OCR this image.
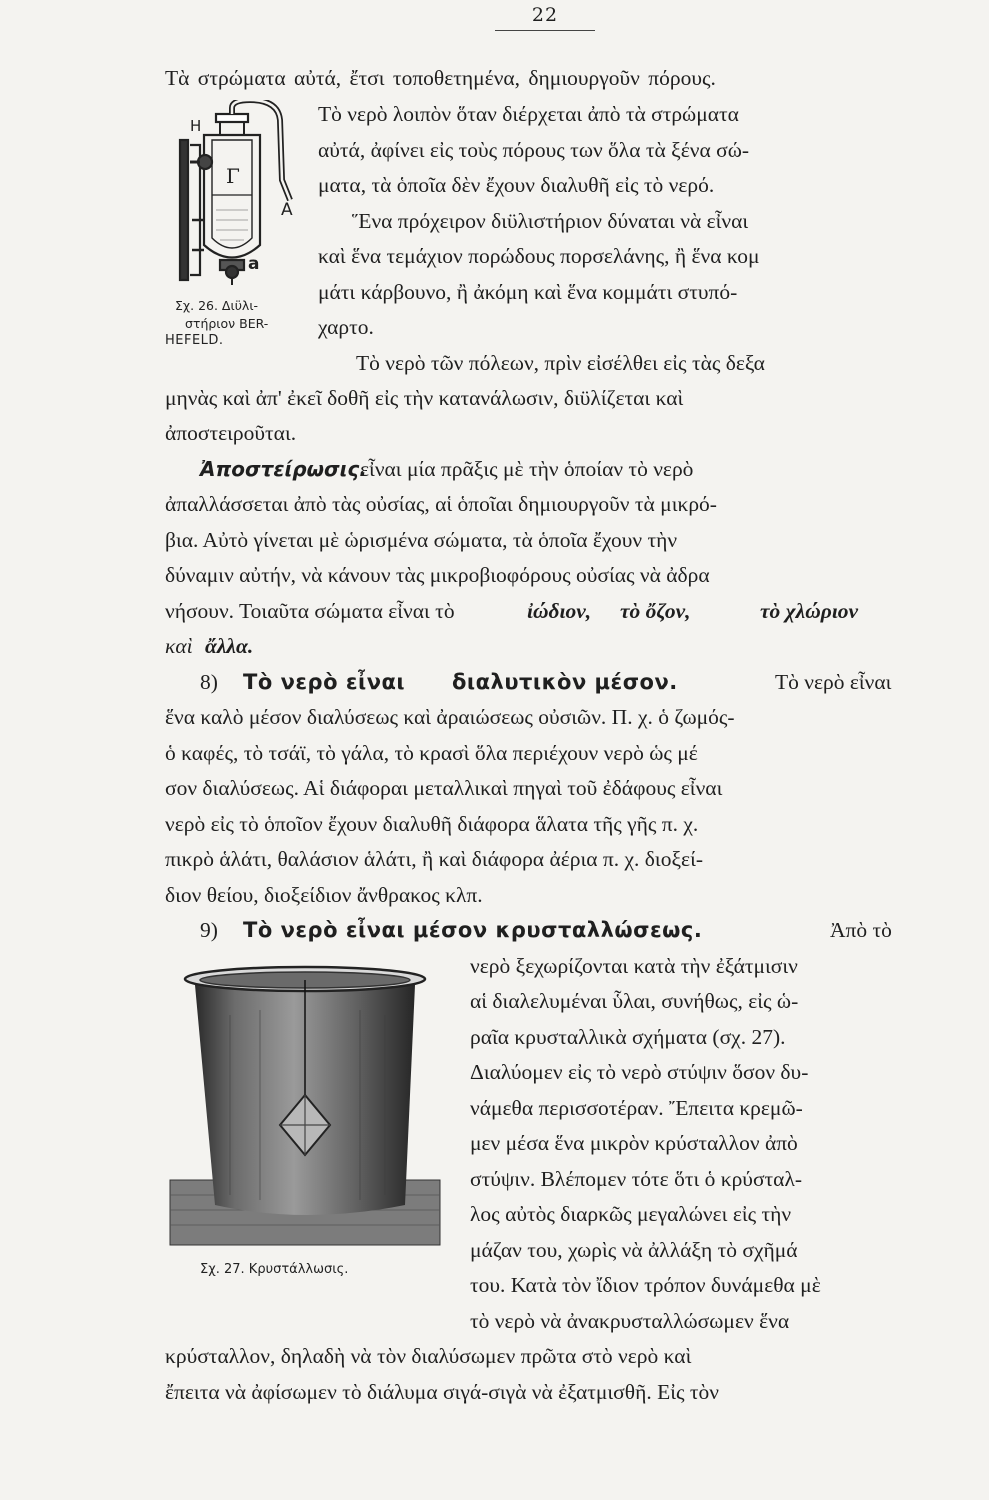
22
Η
Γ
Α
a
Σχ. 26. Διϋλι-
στήριον BER-
HEFELD.
Τὰ στρώματα αὐτά, ἔτσι τοποθετημένα, δημιουργοῦν πόρους.
Τὸ νερὸ λοιπὸν ὅταν διέρχεται ἀπὸ τὰ στρώματα
αὐτά, ἀφίνει εἰς τοὺς πόρους των ὅλα τὰ ξένα σώ-
ματα, τὰ ὁποῖα δὲν ἔχουν διαλυθῆ εἰς τὸ νερό.
Ἕνα πρόχειρον διϋλιστήριον δύναται νὰ εἶναι
καὶ ἕνα τεμάχιον πορώδους πορσελάνης, ἢ ἕνα κομ
μάτι κάρβουνο, ἢ ἀκόμη καὶ ἕνα κομμάτι στυπό-
χαρτο.
Τὸ νερὸ τῶν πόλεων, πρὶν εἰσέλθει εἰς τὰς δεξα
μηνὰς καὶ ἀπ' ἐκεῖ δοθῆ εἰς τὴν κατανάλωσιν, διϋλίζεται καὶ
ἀποστειροῦται.
Ἀποστείρωσις.
εἶναι μία πρᾶξις μὲ τὴν ὁποίαν τὸ νερὸ
ἀπαλλάσσεται ἀπὸ τὰς οὐσίας, αἱ ὁποῖαι δημιουργοῦν τὰ μικρό-
βια. Αὐτὸ γίνεται μὲ ὡρισμένα σώματα, τὰ ὁποῖα ἔχουν τὴν
δύναμιν αὐτήν, νὰ κάνουν τὰς μικροβιοφόρους οὐσίας νὰ ἀδρα
νήσουν. Τοιαῦτα σώματα εἶναι τὸ	ἰώδιον, τὸ ὄζον,	τὸ χλώριον
καὶ ἄλλα.
8) Τὸ νερὸ εἶναι διαλυτικὸν μέσον.	Τὸ νερὸ εἶναι
ἕνα καλὸ μέσον διαλύσεως καὶ ἀραιώσεως οὐσιῶν. Π. χ. ὁ ζωμός-
ὁ καφές, τὸ τσάϊ, τὸ γάλα, τὸ κρασὶ ὅλα περιέχουν νερὸ ὡς μέ
σον διαλύσεως. Αἱ διάφοραι μεταλλικαὶ πηγαὶ τοῦ ἐδάφους εἶναι
νερὸ εἰς τὸ ὁποῖον ἔχουν διαλυθῆ διάφορα ἅλατα τῆς γῆς π. χ.
πικρὸ ἁλάτι, θαλάσιον ἁλάτι, ἢ καὶ διάφορα ἀέρια π. χ. διοξεί-
διον θείου, διοξείδιον ἄνθρακος κλπ.
9) Τὸ νερὸ εἶναι μέσον κρυσταλλώσεως.	Ἀπὸ τὸ
νερὸ ξεχωρίζονται κατὰ τὴν ἐξάτμισιν
αἱ διαλελυμέναι ὗλαι, συνήθως, εἰς ὡ-
ραῖα κρυσταλλικὰ σχήματα (σχ. 27).
Διαλύομεν εἰς τὸ νερὸ στύψιν ὅσον δυ-
νάμεθα περισσοτέραν. Ἔπειτα κρεμῶ-
μεν μέσα ἕνα μικρὸν κρύσταλλον ἀπὸ
στύψιν. Βλέπομεν τότε ὅτι ὁ κρύσταλ-
λος αὐτὸς διαρκῶς μεγαλώνει εἰς τὴν
μάζαν του, χωρὶς νὰ ἀλλάξη τὸ σχῆμά
του. Κατὰ τὸν ἴδιον τρόπον δυνάμεθα μὲ
τὸ νερὸ νὰ ἀνακρυσταλλώσωμεν ἕνα
κρύσταλλον, δηλαδὴ νὰ τὸν διαλύσωμεν πρῶτα στὸ νερὸ καὶ
ἔπειτα νὰ ἀφίσωμεν τὸ διάλυμα σιγά-σιγὰ νὰ ἐξατμισθῆ. Εἰς τὸν
Σχ. 27. Κρυστάλλωσις.
